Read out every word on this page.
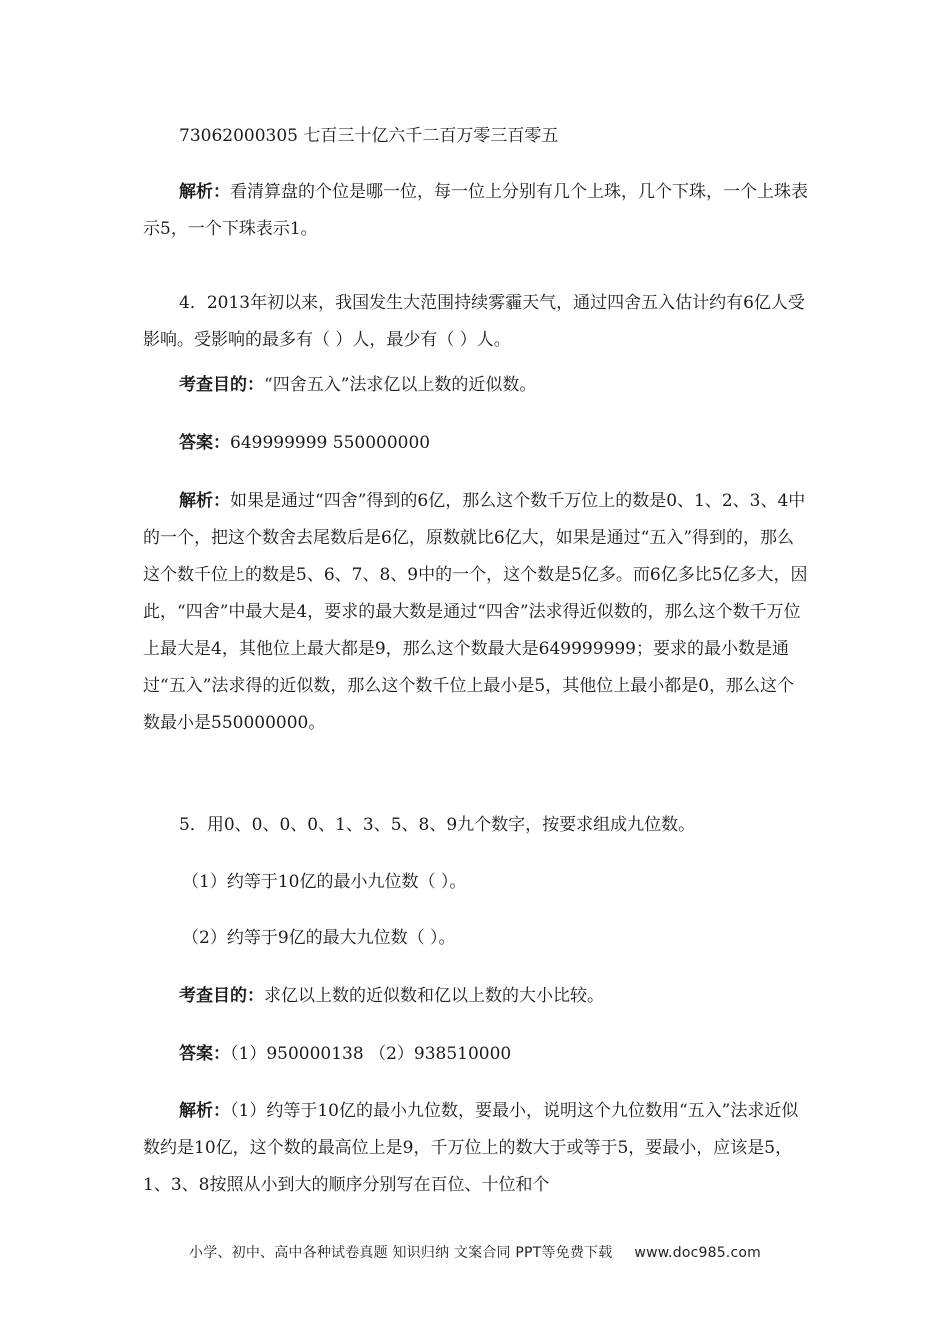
73062000305 七百三十亿六千二百万零三百零五

解析：看清算盘的个位是哪一位，每一位上分别有几个上珠，几个下珠，一个上珠表示5，一个下珠表示1。

4．2013年初以来，我国发生大范围持续雾霾天气，通过四舍五入估计约有6亿人受影响。受影响的最多有（ ）人，最少有（ ）人。

考查目的：“四舍五入”法求亿以上数的近似数。

答案：649999999 550000000

解析：如果是通过“四舍”得到的6亿，那么这个数千万位上的数是0、1、2、3、4中的一个，把这个数舍去尾数后是6亿，原数就比6亿大，如果是通过“五入”得到的，那么这个数千位上的数是5、6、7、8、9中的一个，这个数是5亿多。而6亿多比5亿多大，因此，“四舍”中最大是4，要求的最大数是通过“四舍”法求得近似数的，那么这个数千万位上最大是4，其他位上最大都是9，那么这个数最大是649999999；要求的最小数是通过“五入”法求得的近似数，那么这个数千位上最小是5，其他位上最小都是0，那么这个数最小是550000000。

5．用0、0、0、0、1、3、5、8、9九个数字，按要求组成九位数。

（1）约等于10亿的最小九位数（ ）。

（2）约等于9亿的最大九位数（ ）。

考查目的：求亿以上数的近似数和亿以上数的大小比较。

答案：（1）950000138 （2）938510000

解析：（1）约等于10亿的最小九位数，要最小，说明这个九位数用“五入”法求近似数约是10亿，这个数的最高位上是9，千万位上的数大于或等于5，要最小，应该是5，1、3、8按照从小到大的顺序分别写在百位、十位和个

小学、初中、高中各种试卷真题 知识归纳 文案合同 PPT等免费下载 www.doc985.com
